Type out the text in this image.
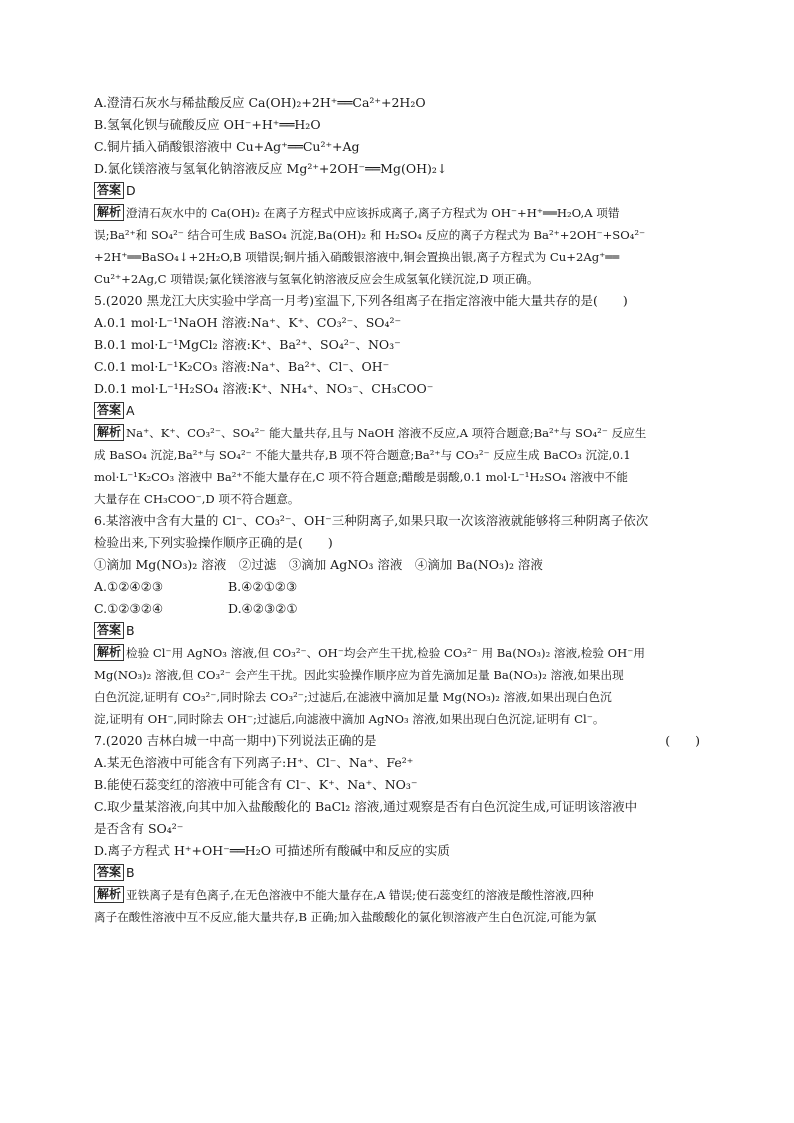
A.澄清石灰水与稀盐酸反应 Ca(OH)₂+2H⁺══Ca²⁺+2H₂O
B.氢氧化钡与硫酸反应 OH⁻+H⁺══H₂O
C.铜片插入硝酸银溶液中 Cu+Ag⁺══Cu²⁺+Ag
D.氯化镁溶液与氢氧化钠溶液反应 Mg²⁺+2OH⁻══Mg(OH)₂↓
答案 D
解析 澄清石灰水中的 Ca(OH)₂ 在离子方程式中应该拆成离子,离子方程式为 OH⁻+H⁺══H₂O,A 项错
误;Ba²⁺和 SO₄²⁻ 结合可生成 BaSO₄ 沉淀,Ba(OH)₂ 和 H₂SO₄ 反应的离子方程式为 Ba²⁺+2OH⁻+SO₄²⁻
+2H⁺══BaSO₄↓+2H₂O,B 项错误;铜片插入硝酸银溶液中,铜会置换出银,离子方程式为 Cu+2Ag⁺══
Cu²⁺+2Ag,C 项错误;氯化镁溶液与氢氧化钠溶液反应会生成氢氧化镁沉淀,D 项正确。
5.(2020 黑龙江大庆实验中学高一月考)室温下,下列各组离子在指定溶液中能大量共存的是(　　)
A.0.1 mol·L⁻¹NaOH 溶液:Na⁺、K⁺、CO₃²⁻、SO₄²⁻
B.0.1 mol·L⁻¹MgCl₂ 溶液:K⁺、Ba²⁺、SO₄²⁻、NO₃⁻
C.0.1 mol·L⁻¹K₂CO₃ 溶液:Na⁺、Ba²⁺、Cl⁻、OH⁻
D.0.1 mol·L⁻¹H₂SO₄ 溶液:K⁺、NH₄⁺、NO₃⁻、CH₃COO⁻
答案 A
解析 Na⁺、K⁺、CO₃²⁻、SO₄²⁻ 能大量共存,且与 NaOH 溶液不反应,A 项符合题意;Ba²⁺与 SO₄²⁻ 反应生
成 BaSO₄ 沉淀,Ba²⁺与 SO₄²⁻ 不能大量共存,B 项不符合题意;Ba²⁺与 CO₃²⁻ 反应生成 BaCO₃ 沉淀,0.1
mol·L⁻¹K₂CO₃ 溶液中 Ba²⁺不能大量存在,C 项不符合题意;醋酸是弱酸,0.1 mol·L⁻¹H₂SO₄ 溶液中不能
大量存在 CH₃COO⁻,D 项不符合题意。
6.某溶液中含有大量的 Cl⁻、CO₃²⁻、OH⁻三种阴离子,如果只取一次该溶液就能够将三种阴离子依次
检验出来,下列实验操作顺序正确的是(　　)
①滴加 Mg(NO₃)₂ 溶液　②过滤　③滴加 AgNO₃ 溶液　④滴加 Ba(NO₃)₂ 溶液
A.①②④②③	B.④②①②③
C.①②③②④	D.④②③②①
答案 B
解析 检验 Cl⁻用 AgNO₃ 溶液,但 CO₃²⁻、OH⁻均会产生干扰,检验 CO₃²⁻ 用 Ba(NO₃)₂ 溶液,检验 OH⁻用
Mg(NO₃)₂ 溶液,但 CO₃²⁻ 会产生干扰。因此实验操作顺序应为首先滴加足量 Ba(NO₃)₂ 溶液,如果出现
白色沉淀,证明有 CO₃²⁻,同时除去 CO₃²⁻;过滤后,在滤液中滴加足量 Mg(NO₃)₂ 溶液,如果出现白色沉
淀,证明有 OH⁻,同时除去 OH⁻;过滤后,向滤液中滴加 AgNO₃ 溶液,如果出现白色沉淀,证明有 Cl⁻。
7.(2020 吉林白城一中高一期中)下列说法正确的是	(　　)
A.某无色溶液中可能含有下列离子:H⁺、Cl⁻、Na⁺、Fe²⁺
B.能使石蕊变红的溶液中可能含有 Cl⁻、K⁺、Na⁺、NO₃⁻
C.取少量某溶液,向其中加入盐酸酸化的 BaCl₂ 溶液,通过观察是否有白色沉淀生成,可证明该溶液中
是否含有 SO₄²⁻
D.离子方程式 H⁺+OH⁻══H₂O 可描述所有酸碱中和反应的实质
答案 B
解析 亚铁离子是有色离子,在无色溶液中不能大量存在,A 错误;使石蕊变红的溶液是酸性溶液,四种
离子在酸性溶液中互不反应,能大量共存,B 正确;加入盐酸酸化的氯化钡溶液产生白色沉淀,可能为氯
